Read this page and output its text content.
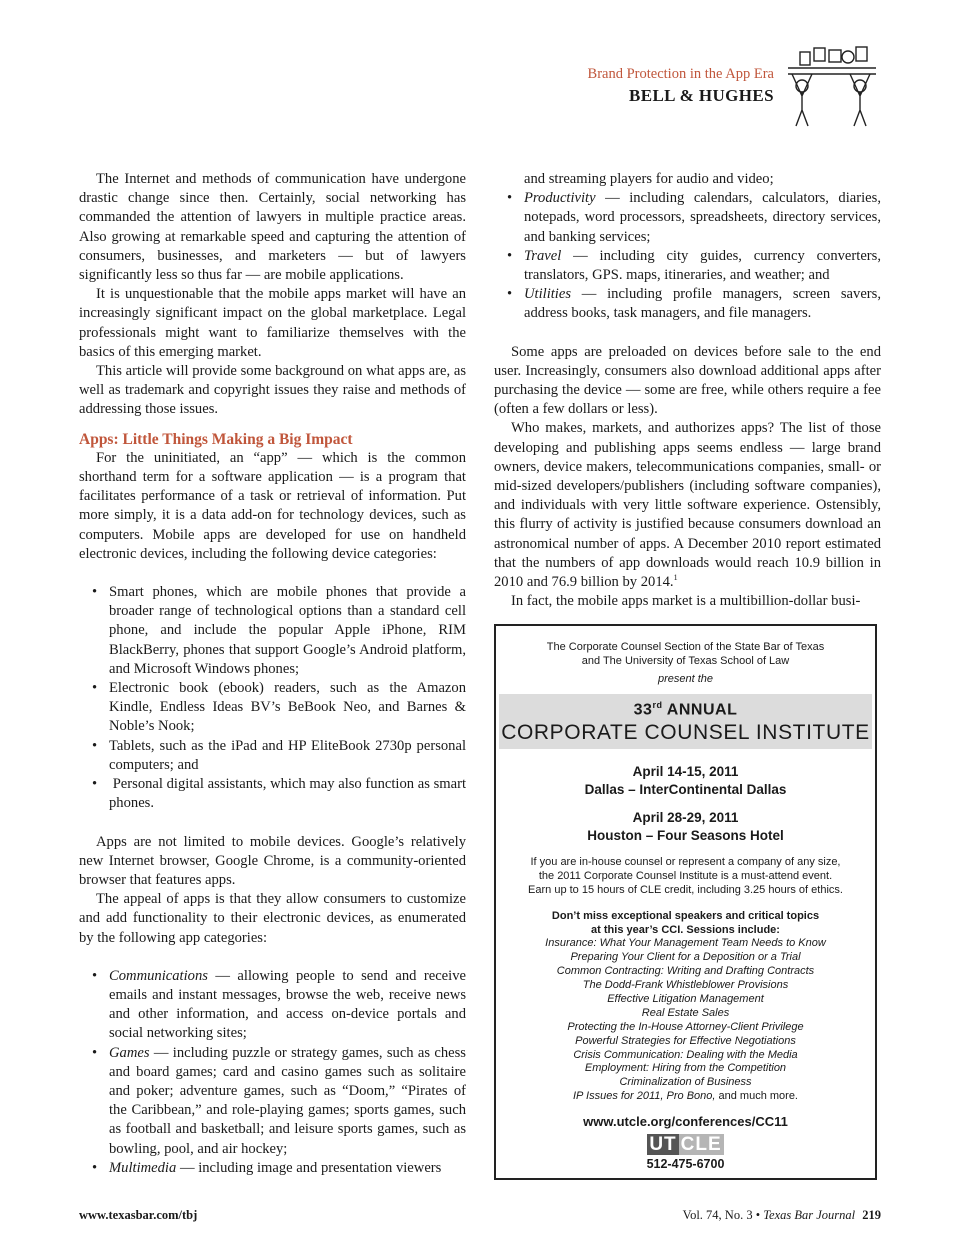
Brand Protection in the App Era
BELL & HUGHES

The Internet and methods of communication have undergone drastic change since then. Certainly, social networking has commanded the attention of lawyers in multiple practice areas. Also growing at remarkable speed and capturing the attention of consumers, businesses, and marketers — but of lawyers significantly less so thus far — are mobile applications.

It is unquestionable that the mobile apps market will have an increasingly significant impact on the global marketplace. Legal professionals might want to familiarize themselves with the basics of this emerging market.

This article will provide some background on what apps are, as well as trademark and copyright issues they raise and methods of addressing those issues.

Apps: Little Things Making a Big Impact

For the uninitiated, an “app” — which is the common shorthand term for a software application — is a program that facilitates performance of a task or retrieval of information. Put more simply, it is a data add-on for technology devices, such as computers. Mobile apps are developed for use on handheld electronic devices, including the following device categories:

• Smart phones, which are mobile phones that provide a broader range of technological options than a standard cell phone, and include the popular Apple iPhone, RIM BlackBerry, phones that support Google’s Android platform, and Microsoft Windows phones;
• Electronic book (ebook) readers, such as the Amazon Kindle, Endless Ideas BV’s BeBook Neo, and Barnes & Noble’s Nook;
• Tablets, such as the iPad and HP EliteBook 2730p personal computers; and
• Personal digital assistants, which may also function as smart phones.

Apps are not limited to mobile devices. Google’s relatively new Internet browser, Google Chrome, is a community-oriented browser that features apps.

The appeal of apps is that they allow consumers to customize and add functionality to their electronic devices, as enumerated by the following app categories:

• Communications — allowing people to send and receive emails and instant messages, browse the web, receive news and other information, and access on-device portals and social networking sites;
• Games — including puzzle or strategy games, such as chess and board games; card and casino games such as solitaire and poker; adventure games, such as “Doom,” “Pirates of the Caribbean,” and role-playing games; sports games, such as football and basketball; and leisure sports games, such as bowling, pool, and air hockey;
• Multimedia — including image and presentation viewers
and streaming players for audio and video;
• Productivity — including calendars, calculators, diaries, notepads, word processors, spreadsheets, directory services, and banking services;
• Travel — including city guides, currency converters, translators, GPS. maps, itineraries, and weather; and
• Utilities — including profile managers, screen savers, address books, task managers, and file managers.

Some apps are preloaded on devices before sale to the end user. Increasingly, consumers also download additional apps after purchasing the device — some are free, while others require a fee (often a few dollars or less).

Who makes, markets, and authorizes apps? The list of those developing and publishing apps seems endless — large brand owners, device makers, telecommunications companies, small- or mid-sized developers/publishers (including software companies), and individuals with very little software experience. Ostensibly, this flurry of activity is justified because consumers download an astronomical number of apps. A December 2010 report estimated that the numbers of app downloads would reach 10.9 billion in 2010 and 76.9 billion by 2014.$^1$

In fact, the mobile apps market is a multibillion-dollar busi-

The Corporate Counsel Section of the State Bar of Texas
and The University of Texas School of Law
present the
33rd ANNUAL
CORPORATE COUNSEL INSTITUTE
April 14-15, 2011
Dallas – InterContinental Dallas
April 28-29, 2011
Houston – Four Seasons Hotel
If you are in-house counsel or represent a company of any size,
the 2011 Corporate Counsel Institute is a must-attend event.
Earn up to 15 hours of CLE credit, including 3.25 hours of ethics.
Don’t miss exceptional speakers and critical topics
at this year’s CCI. Sessions include:
Insurance: What Your Management Team Needs to Know
Preparing Your Client for a Deposition or a Trial
Common Contracting: Writing and Drafting Contracts
The Dodd-Frank Whistleblower Provisions
Effective Litigation Management
Real Estate Sales
Protecting the In-House Attorney-Client Privilege
Powerful Strategies for Effective Negotiations
Crisis Communication: Dealing with the Media
Employment: Hiring from the Competition
Criminalization of Business
IP Issues for 2011, Pro Bono, and much more.
www.utcle.org/conferences/CC11
UT CLE
512-475-6700
www.texasbar.com/tbj	Vol. 74, No. 3 • Texas Bar Journal 219
